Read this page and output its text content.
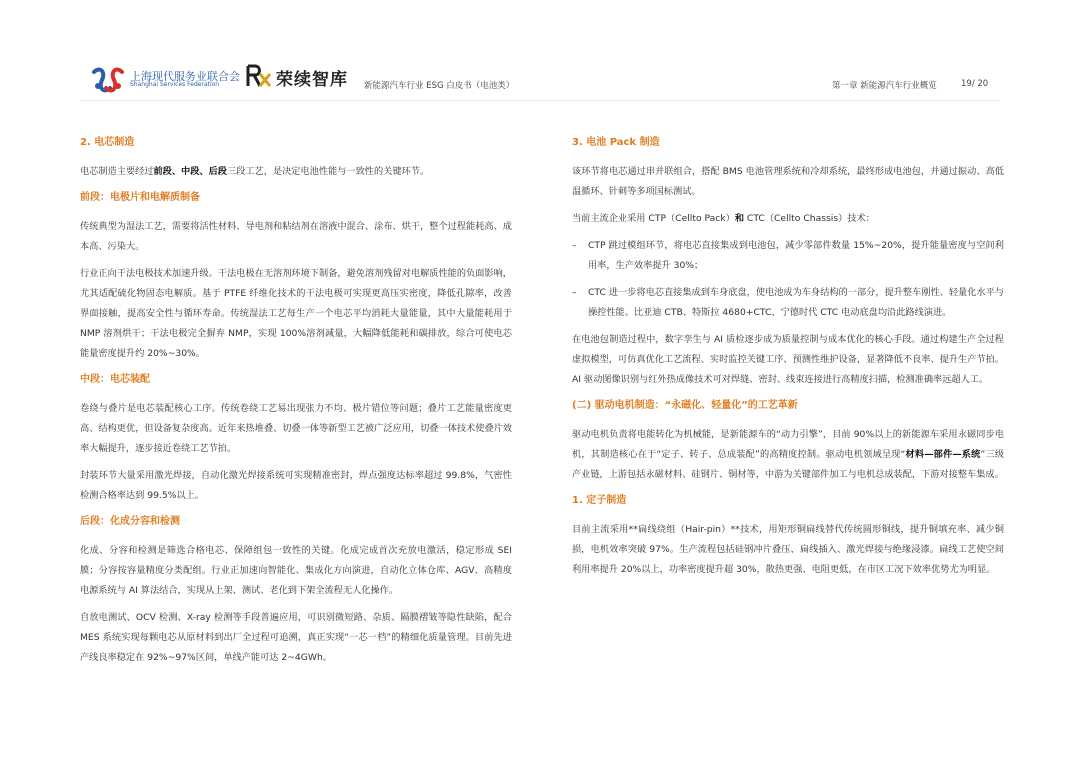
上海现代服务业联合会
Shanghai Services Federation	荣续智库 新能源汽车行业 ESG 白皮书（电池类）	第一章 新能源汽车行业概览	19/ 20
2. 电芯制造

电芯制造主要经过前段、中段、后段三段工艺，是决定电池性能与一致性的关键环节。

前段：电极片和电解质制备

传统典型为湿法工艺，需要将活性材料、导电剂和粘结剂在溶液中混合、涂布、烘干，整个过程能耗高、成本高、污染大。

行业正向干法电极技术加速升级。干法电极在无溶剂环境下制备，避免溶剂残留对电解质性能的负面影响，尤其适配硫化物固态电解质。基于 PTFE 纤维化技术的干法电极可实现更高压实密度，降低孔隙率，改善界面接触，提高安全性与循环寿命。传统湿法工艺每生产一个电芯平均消耗大量能量，其中大量能耗用于 NMP 溶剂烘干；干法电极完全摒弃 NMP，实现 100%溶剂减量，大幅降低能耗和碳排放，综合可使电芯能量密度提升约 20%~30%。

中段：电芯装配

卷绕与叠片是电芯装配核心工序。传统卷绕工艺易出现张力不均、极片错位等问题；叠片工艺能量密度更高、结构更优，但设备复杂度高。近年来热堆叠、切叠一体等新型工艺被广泛应用，切叠一体技术使叠片效率大幅提升，逐步接近卷绕工艺节拍。

封装环节大量采用激光焊接，自动化激光焊接系统可实现精准密封，焊点强度达标率超过 99.8%，气密性检测合格率达到 99.5%以上。

后段：化成分容和检测

化成、分容和检测是筛选合格电芯、保障组包一致性的关键。化成完成首次充放电激活，稳定形成 SEI 膜；分容按容量精度分类配组。行业正加速向智能化、集成化方向演进，自动化立体仓库、AGV、高精度电源系统与 AI 算法结合，实现从上架、测试、老化到下架全流程无人化操作。

自放电测试、OCV 检测、X-ray 检测等手段普遍应用，可识别微短路、杂质、隔膜褶皱等隐性缺陷，配合 MES 系统实现每颗电芯从原材料到出厂全过程可追溯，真正实现“一芯一档”的精细化质量管理。目前先进产线良率稳定在 92%~97%区间，单线产能可达 2~4GWh。

3. 电池 Pack 制造

该环节将电芯通过串并联组合，搭配 BMS 电池管理系统和冷却系统，最终形成电池包，并通过振动、高低温循环、针刺等多项国标测试。

当前主流企业采用 CTP（Cellto Pack）和 CTC（Cellto Chassis）技术：

– CTP 跳过模组环节，将电芯直接集成到电池包，减少零部件数量 15%~20%，提升能量密度与空间利用率，生产效率提升 30%；
– CTC 进一步将电芯直接集成到车身底盘，使电池成为车身结构的一部分，提升整车刚性、轻量化水平与操控性能。比亚迪 CTB、特斯拉 4680+CTC、宁德时代 CTC 电动底盘均沿此路线演进。

在电池包制造过程中，数字孪生与 AI 质检逐步成为质量控制与成本优化的核心手段。通过构建生产全过程虚拟模型，可仿真优化工艺流程、实时监控关键工序、预测性维护设备，显著降低不良率、提升生产节拍。AI 驱动图像识别与红外热成像技术可对焊缝、密封、线束连接进行高精度扫描，检测准确率远超人工。

(二) 驱动电机制造：“永磁化、轻量化”的工艺革新

驱动电机负责将电能转化为机械能，是新能源车的“动力引擎”，目前 90%以上的新能源车采用永磁同步电机，其制造核心在于“定子、转子、总成装配”的高精度控制。驱动电机领域呈现“材料—部件—系统”三级产业链，上游包括永磁材料、硅钢片、铜材等，中游为关键部件加工与电机总成装配，下游对接整车集成。

1. 定子制造

目前主流采用**扁线绕组（Hair-pin）**技术，用矩形铜扁线替代传统圆形铜线，提升铜填充率、减少铜损，电机效率突破 97%。生产流程包括硅钢冲片叠压、扁线插入、激光焊接与绝缘浸漆。扁线工艺使空间利用率提升 20%以上，功率密度提升超 30%，散热更强、电阻更低，在市区工况下效率优势尤为明显。
